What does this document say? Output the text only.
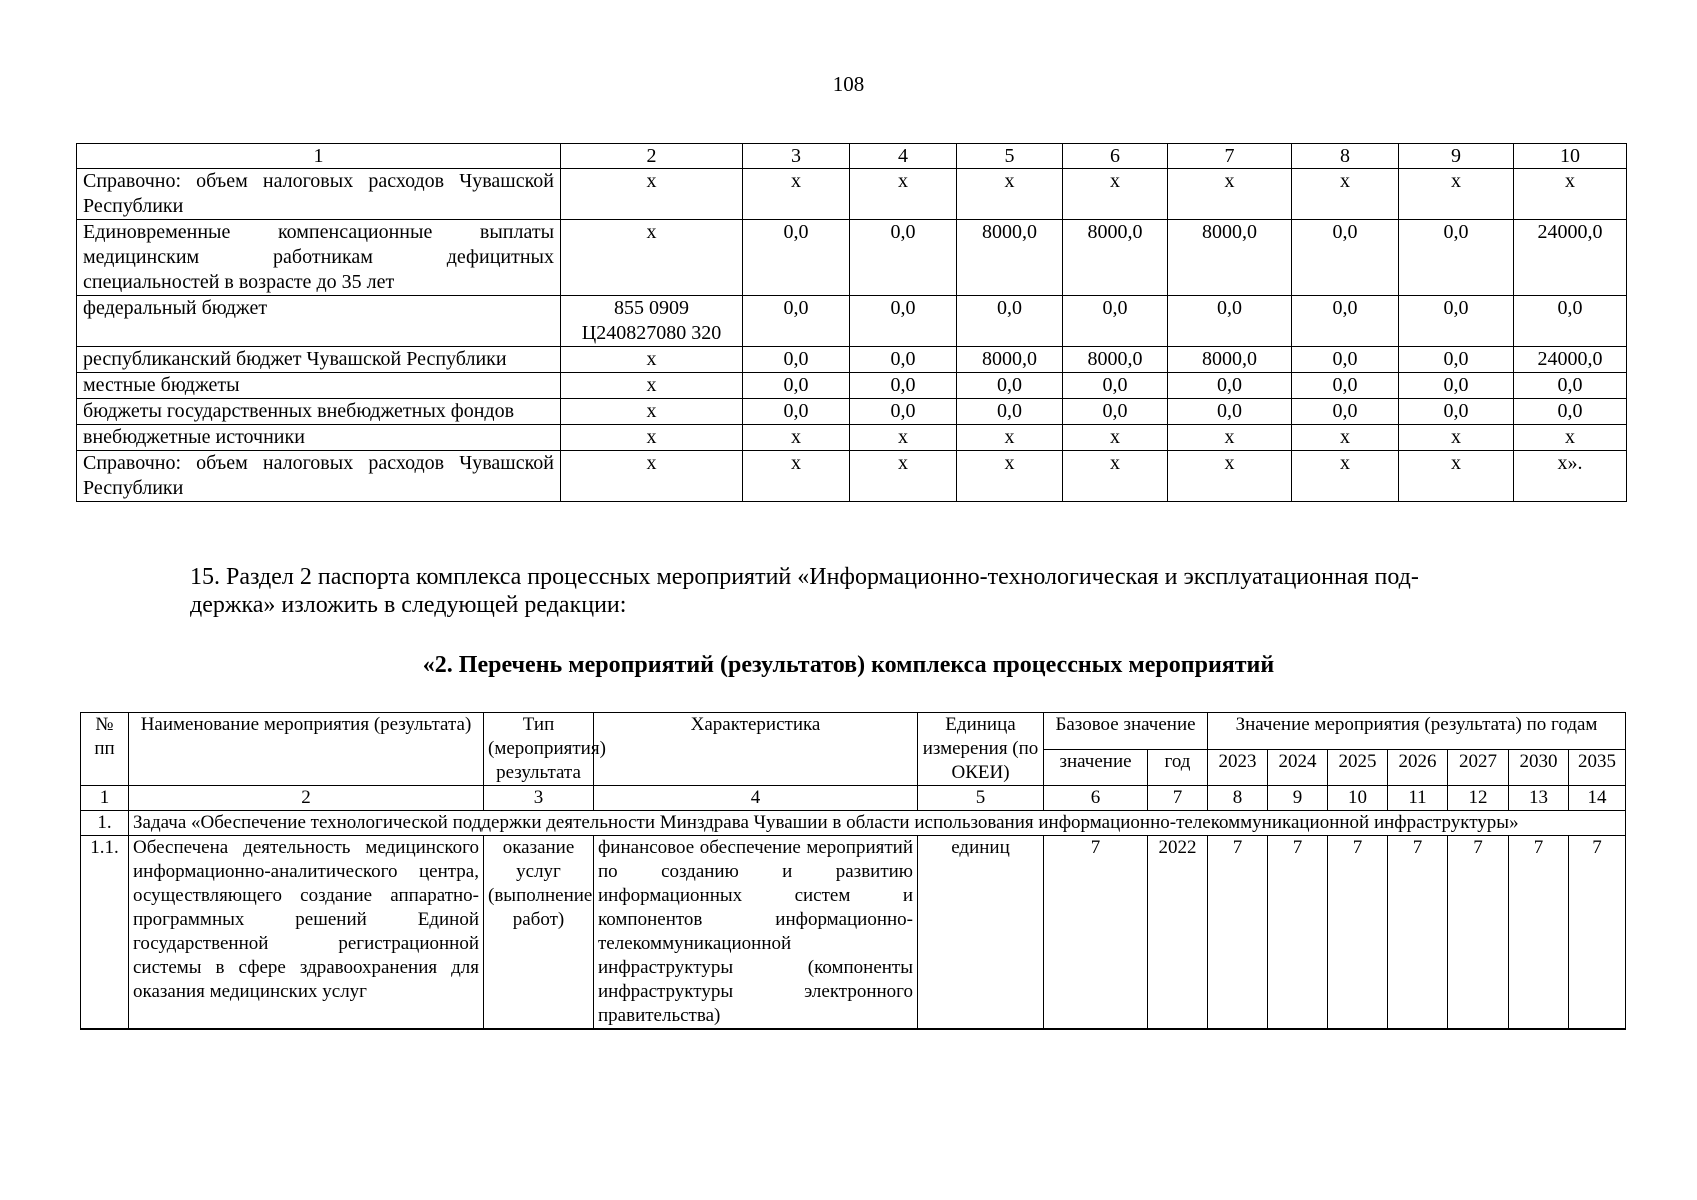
108
1	2	3	4	5	6	7	8	9	10
Справочно: объем налоговых расходов Чувашской Республики	x	x	x	x	x	x	x	x	x
Единовременные компенсационные выплаты медицинским работникам дефицитных специальностей в возрасте до 35 лет	x	0,0	0,0	8000,0	8000,0	8000,0	0,0	0,0	24000,0
федеральный бюджет	855 0909 Ц240827080 320	0,0	0,0	0,0	0,0	0,0	0,0	0,0	0,0
республиканский бюджет Чувашской Республики	x	0,0	0,0	8000,0	8000,0	8000,0	0,0	0,0	24000,0
местные бюджеты	x	0,0	0,0	0,0	0,0	0,0	0,0	0,0	0,0
бюджеты государственных внебюджетных фондов	x	0,0	0,0	0,0	0,0	0,0	0,0	0,0	0,0
внебюджетные источники	x	x	x	x	x	x	x	x	x
Справочно: объем налоговых расходов Чувашской Республики	x	x	x	x	x	x	x	x	x».
15. Раздел 2 паспорта комплекса процессных мероприятий «Информационно-технологическая и эксплуатационная под-
держка» изложить в следующей редакции:
«2. Перечень мероприятий (результатов) комплекса процессных мероприятий
№ пп	Наименование мероприятия (результата)	Тип (мероприятия) результата	Характеристика	Единица измерения (по ОКЕИ)	Базовое значение		Значение мероприятия (результата) по годам						
					значение	год	2023	2024	2025	2026	2027	2030	2035
1	2	3	4	5	6	7	8	9	10	11	12	13	14
1.	Задача «Обеспечение технологической поддержки деятельности Минздрава Чувашии в области использования информационно-телекоммуникационной инфраструктуры»												
1.1.	Обеспечена деятельность медицинского информационно-аналитического центра, осуществляющего создание аппаратно-программных решений Единой государственной регистрационной системы в сфере здравоохранения для оказания медицинских услуг	оказание услуг (выполнение работ)	финансовое обеспечение мероприятий по созданию и развитию информационных систем и компонентов информационно-телекоммуникационной инфраструктуры (компоненты инфраструктуры электронного правительства)	единиц	7	2022	7	7	7	7	7	7	7
